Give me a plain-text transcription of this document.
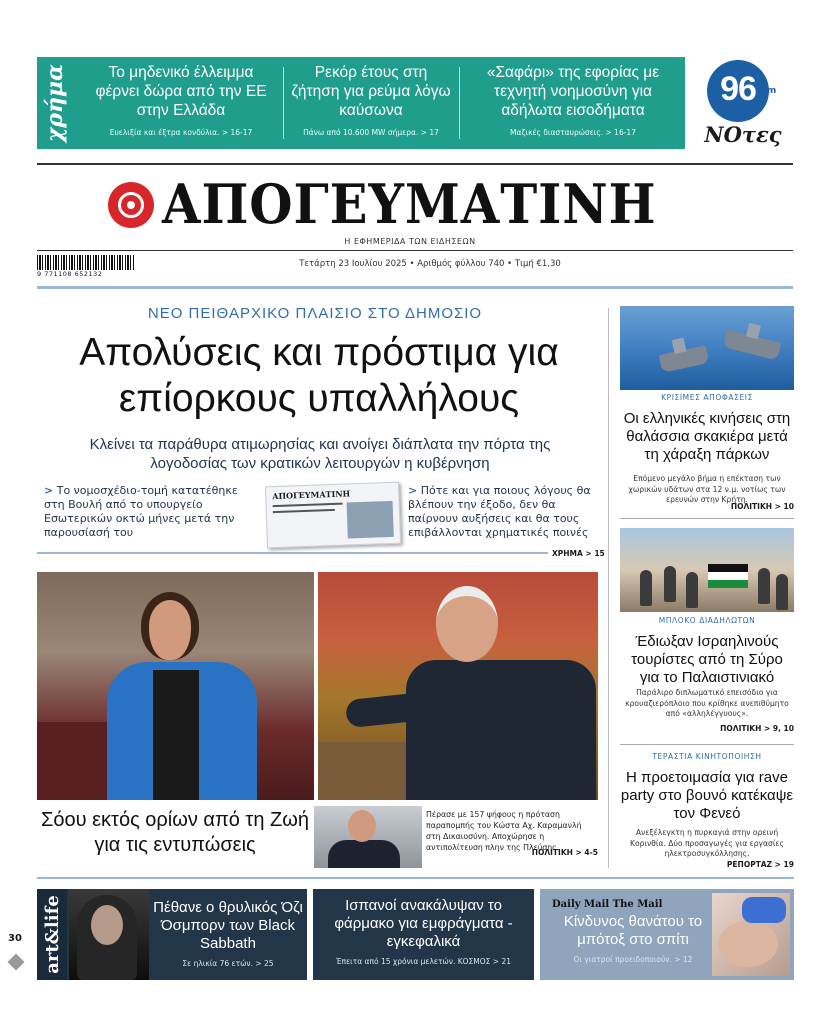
χρήμα	Το μηδενικό έλλειμμα φέρνει δώρα από την ΕΕ στην Ελλάδα
Ευελιξία και έξτρα κονδύλια. > 16-17
Ρεκόρ έτους στη ζήτηση για ρεύμα λόγω καύσωνα
Πάνω από 10.600 MW σήμερα. > 17
«Σαφάρι» της εφορίας με τεχνητή νοημοσύνη για αδήλωτα εισοδήματα
Μαζικές διασταυρώσεις. > 16-17
96 fm
NOτες
ΑΠΟΓΕΥΜΑΤΙΝΗ
Η ΕΦΗΜΕΡΙΔΑ ΤΩΝ ΕΙΔΗΣΕΩΝ
9 771108 652132
Τετάρτη 23 Ιουλίου 2025 • Αριθμός φύλλου 740 • Τιμή €1,30
ΝΕΟ ΠΕΙΘΑΡΧΙΚΟ ΠΛΑΙΣΙΟ ΣΤΟ ΔΗΜΟΣΙΟ
Απολύσεις και πρόστιμα για επίορκους υπαλλήλους
Κλείνει τα παράθυρα ατιμωρησίας και ανοίγει διάπλατα την πόρτα της λογοδοσίας των κρατικών λειτουργών η κυβέρνηση
> Το νομοσχέδιο-τομή κατατέθηκε στη Βουλή από το υπουργείο Εσωτερικών οκτώ μήνες μετά την παρουσίασή του
ΑΠΟΓΕΥΜΑΤΙΝΗ	> Πότε και για ποιους λόγους θα βλέπουν την έξοδο, δεν θα παίρνουν αυξήσεις και θα τους επιβάλλονται χρηματικές ποινές
ΧΡΗΜΑ > 15
Σόου εκτός ορίων από τη Ζωή για τις εντυπώσεις
Πέρασε με 157 ψήφους η πρόταση παραπομπής του Κώστα Αχ. Καραμανλή στη Δικαιοσύνη. Αποχώρησε η αντιπολίτευση πλην της Πλεύσης.
ΠΟΛΙΤΙΚΗ > 4-5
ΚΡΙΣΙΜΕΣ ΑΠΟΦΑΣΕΙΣ
Οι ελληνικές κινήσεις στη θαλάσσια σκακιέρα μετά τη χάραξη πάρκων
Επόμενο μεγάλο βήμα η επέκταση των χωρικών υδάτων στα 12 ν.μ. νοτίως των ερευνών στην Κρήτη.
ΠΟΛΙΤΙΚΗ > 10
ΜΠΛΟΚΟ ΔΙΑΔΗΛΩΤΩΝ
Έδιωξαν Ισραηλινούς τουρίστες από τη Σύρο για το Παλαιστινιακό
Παράλιρο διπλωματικό επεισόδιο για κρουαζιερόπλοιο που κρίθηκε ανεπιθύμητο από «αλληλέγγυους».
ΠΟΛΙΤΙΚΗ > 9, 10
ΤΕΡΑΣΤΙΑ ΚΙΝΗΤΟΠΟΙΗΣΗ
Η προετοιμασία για rave party στο βουνό κατέκαψε τον Φενεό
Ανεξέλεγκτη η πυρκαγιά στην ορεινή Κορινθία. Δύο προσαγωγές για εργασίες ηλεκτροσυγκόλλησης.
ΡΕΠΟΡΤΑΖ > 19
30 art&life	Πέθανε ο θρυλικός Όζι Όσμπορν των Black Sabbath
Σε ηλικία 76 ετών. > 25
Ισπανοί ανακάλυψαν το φάρμακο για εμφράγματα - εγκεφαλικά
Έπειτα από 15 χρόνια μελετών. ΚΟΣΜΟΣ > 21
Daily Mail The Mail
Κίνδυνος θανάτου το μπότοξ στο σπίτι
Οι γιατροί προειδοποιούν. > 12
